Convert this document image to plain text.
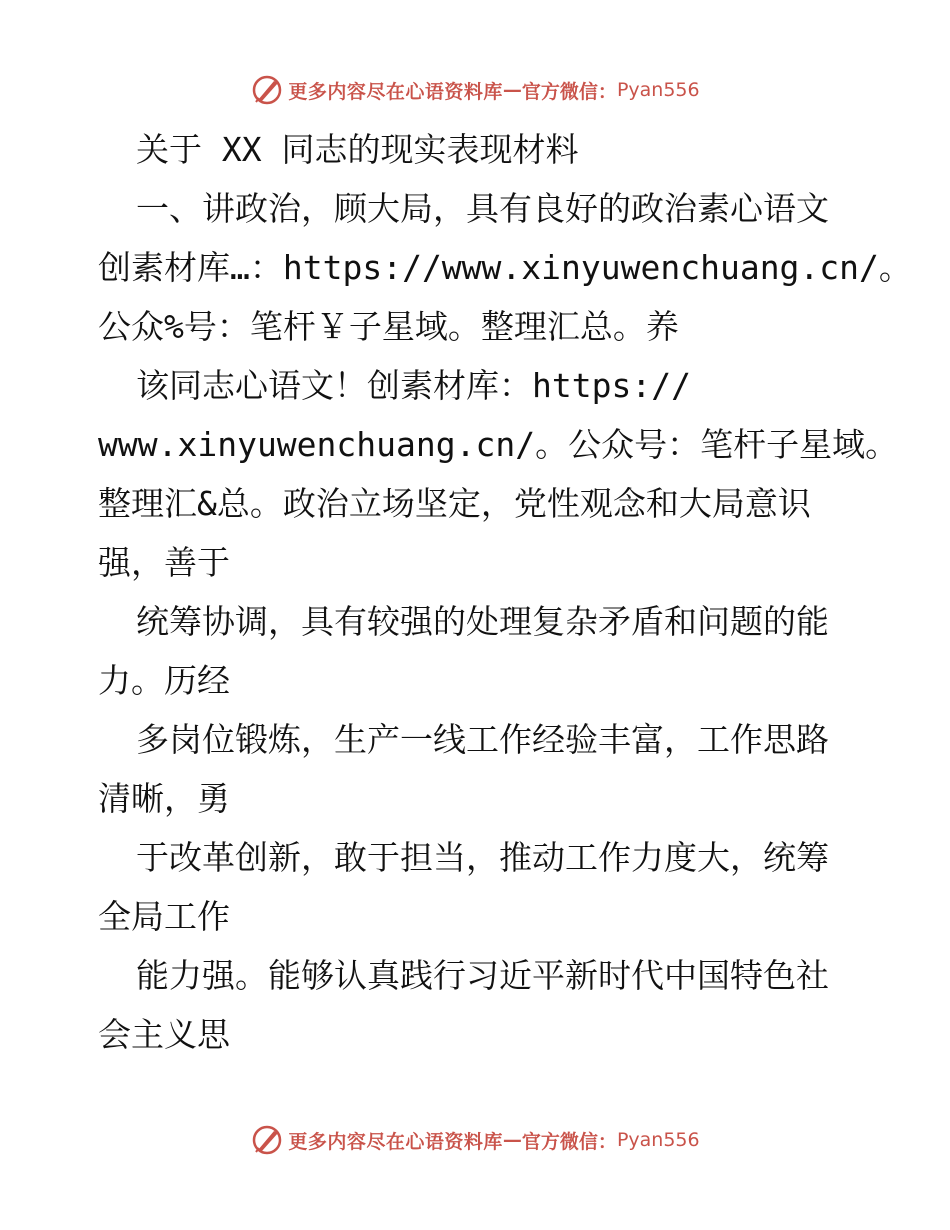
更多内容尽在心语资料库 — 官方微信： Pyan556
关于 XX 同志的现实表现材料
一、讲政治，顾大局，具有良好的政治素心语文
创素材库…：https://www.xinyuwenchuang.cn/。
公众%号：笔杆￥子星域。整理汇总。养
该同志心语文！创素材库：https://
www.xinyuwenchuang.cn/。公众号：笔杆子星域。
整理汇&总。政治立场坚定，党性观念和大局意识
强，善于
统筹协调，具有较强的处理复杂矛盾和问题的能
力。历经
多岗位锻炼，生产一线工作经验丰富，工作思路
清晰，勇
于改革创新，敢于担当，推动工作力度大，统筹
全局工作
能力强。能够认真践行习近平新时代中国特色社
会主义思
更多内容尽在心语资料库 — 官方微信： Pyan556
